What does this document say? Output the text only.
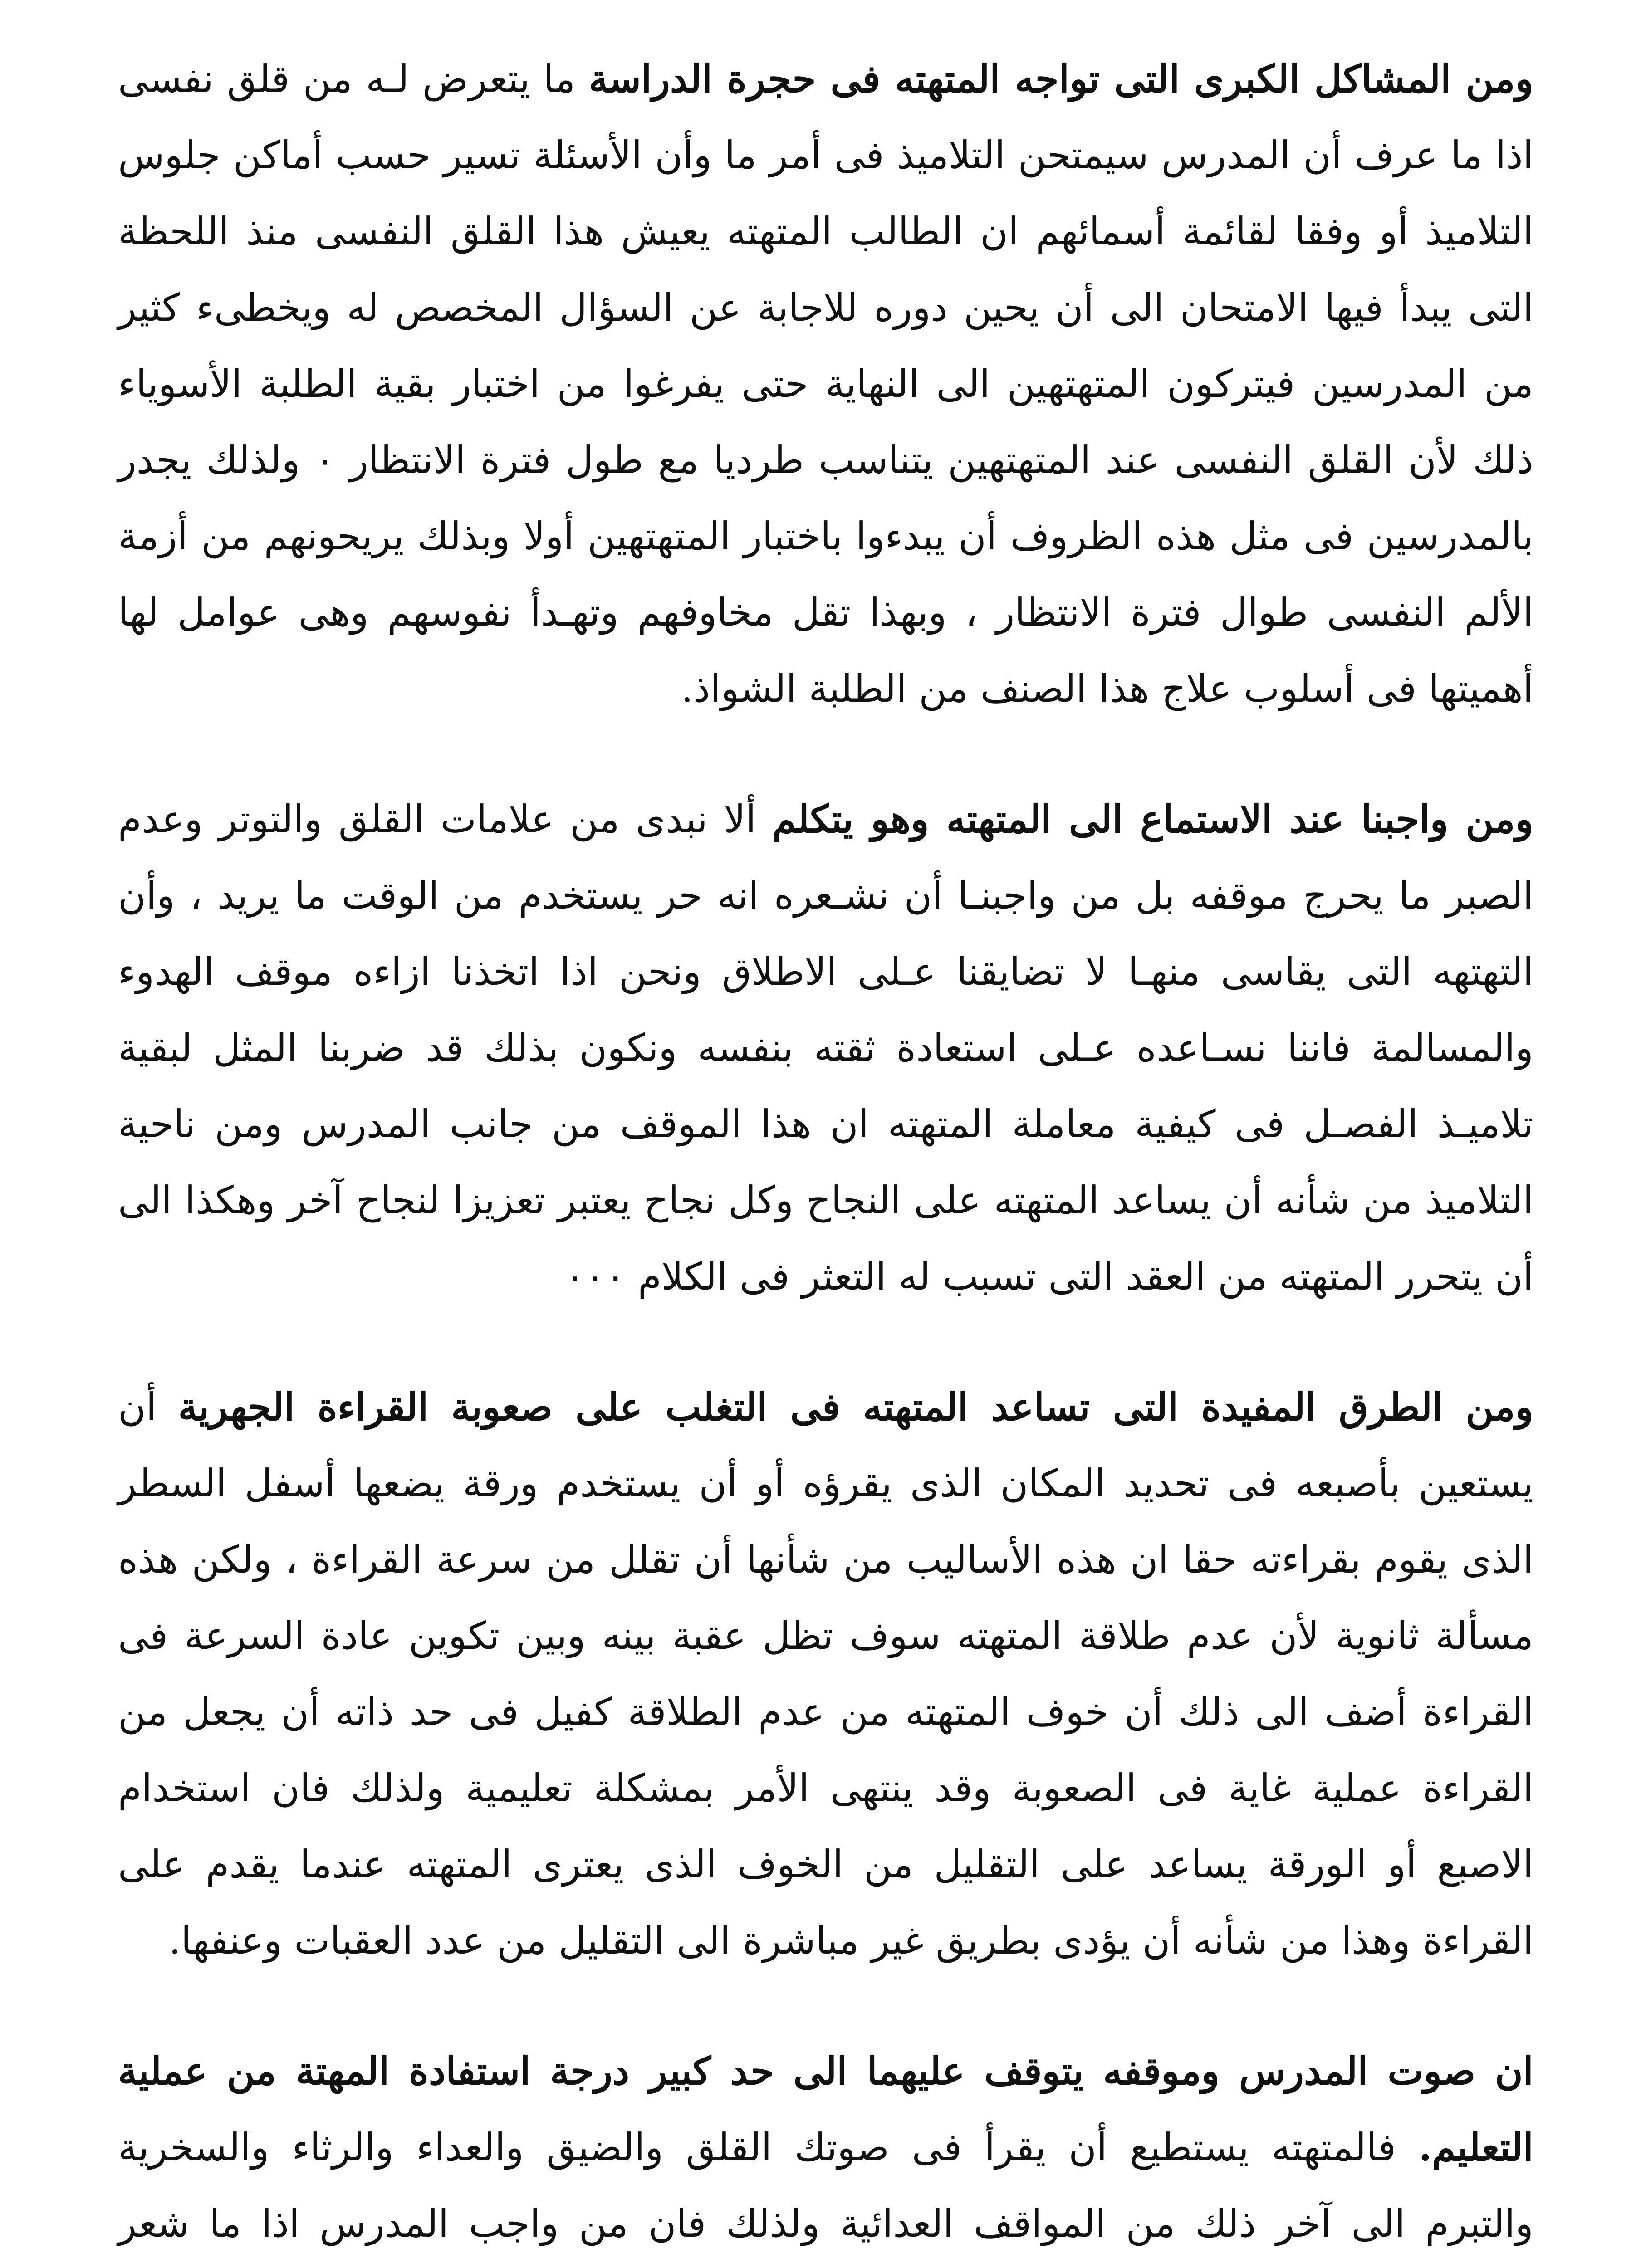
ومن المشاكل الكبرى التى تواجه المتهته فى حجرة الدراسة ما يتعرض لـه من قلق نفسى اذا ما عرف أن المدرس سيمتحن التلاميذ فى أمر ما وأن الأسئلة تسير حسب أماكن جلوس التلاميذ أو وفقا لقائمة أسمائهم ان الطالب المتهته يعيش هذا القلق النفسى منذ اللحظة التى يبدأ فيها الامتحان الى أن يحين دوره للاجابة عن السؤال المخصص له ويخطىء كثير من المدرسين فيتركون المتهتهين الى النهاية حتى يفرغوا من اختبار بقية الطلبة الأسوياء ذلك لأن القلق النفسى عند المتهتهين يتناسب طرديا مع طول فترة الانتظار ٠ ولذلك يجدر بالمدرسين فى مثل هذه الظروف أن يبدءوا باختبار المتهتهين أولا وبذلك يريحونهم من أزمة الألم النفسى طوال فترة الانتظار ، وبهذا تقل مخاوفهم وتهـدأ نفوسهم وهى عوامل لها أهميتها فى أسلوب علاج هذا الصنف من الطلبة الشواذ.

ومن واجبنا عند الاستماع الى المتهته وهو يتكلم ألا نبدى من علامات القلق والتوتر وعدم الصبر ما يحرج موقفه بل من واجبنـا أن نشـعره انه حر يستخدم من الوقت ما يريد ، وأن التهتهه التى يقاسى منهـا لا تضايقنا عـلى الاطلاق ونحن اذا اتخذنا ازاءه موقف الهدوء والمسالمة فاننا نسـاعده عـلى استعادة ثقته بنفسه ونكون بذلك قد ضربنا المثل لبقية تلاميـذ الفصـل فى كيفية معاملة المتهته ان هذا الموقف من جانب المدرس ومن ناحية التلاميذ من شأنه أن يساعد المتهته على النجاح وكل نجاح يعتبر تعزيزا لنجاح آخر وهكذا الى أن يتحرر المتهته من العقد التى تسبب له التعثر فى الكلام ٠٠٠

ومن الطرق المفيدة التى تساعد المتهته فى التغلب على صعوبة القراءة الجهرية أن يستعين بأصبعه فى تحديد المكان الذى يقرؤه أو أن يستخدم ورقة يضعها أسفل السطر الذى يقوم بقراءته حقا ان هذه الأساليب من شأنها أن تقلل من سرعة القراءة ، ولكن هذه مسألة ثانوية لأن عدم طلاقة المتهته سوف تظل عقبة بينه وبين تكوين عادة السرعة فى القراءة أضف الى ذلك أن خوف المتهته من عدم الطلاقة كفيل فى حد ذاته أن يجعل من القراءة عملية غاية فى الصعوبة وقد ينتهى الأمر بمشكلة تعليمية ولذلك فان استخدام الاصبع أو الورقة يساعد على التقليل من الخوف الذى يعترى المتهته عندما يقدم على القراءة وهذا من شأنه أن يؤدى بطريق غير مباشرة الى التقليل من عدد العقبات وعنفها.

ان صوت المدرس وموقفه يتوقف عليهما الى حد كبير درجة استفادة المهتة من عملية التعليم. فالمتهته يستطيع أن يقرأ فى صوتك القلق والضيق والعداء والرثاء والسخرية والتبرم الى آخر ذلك من المواقف العدائية ولذلك فان من واجب المدرس اذا ما شعر
